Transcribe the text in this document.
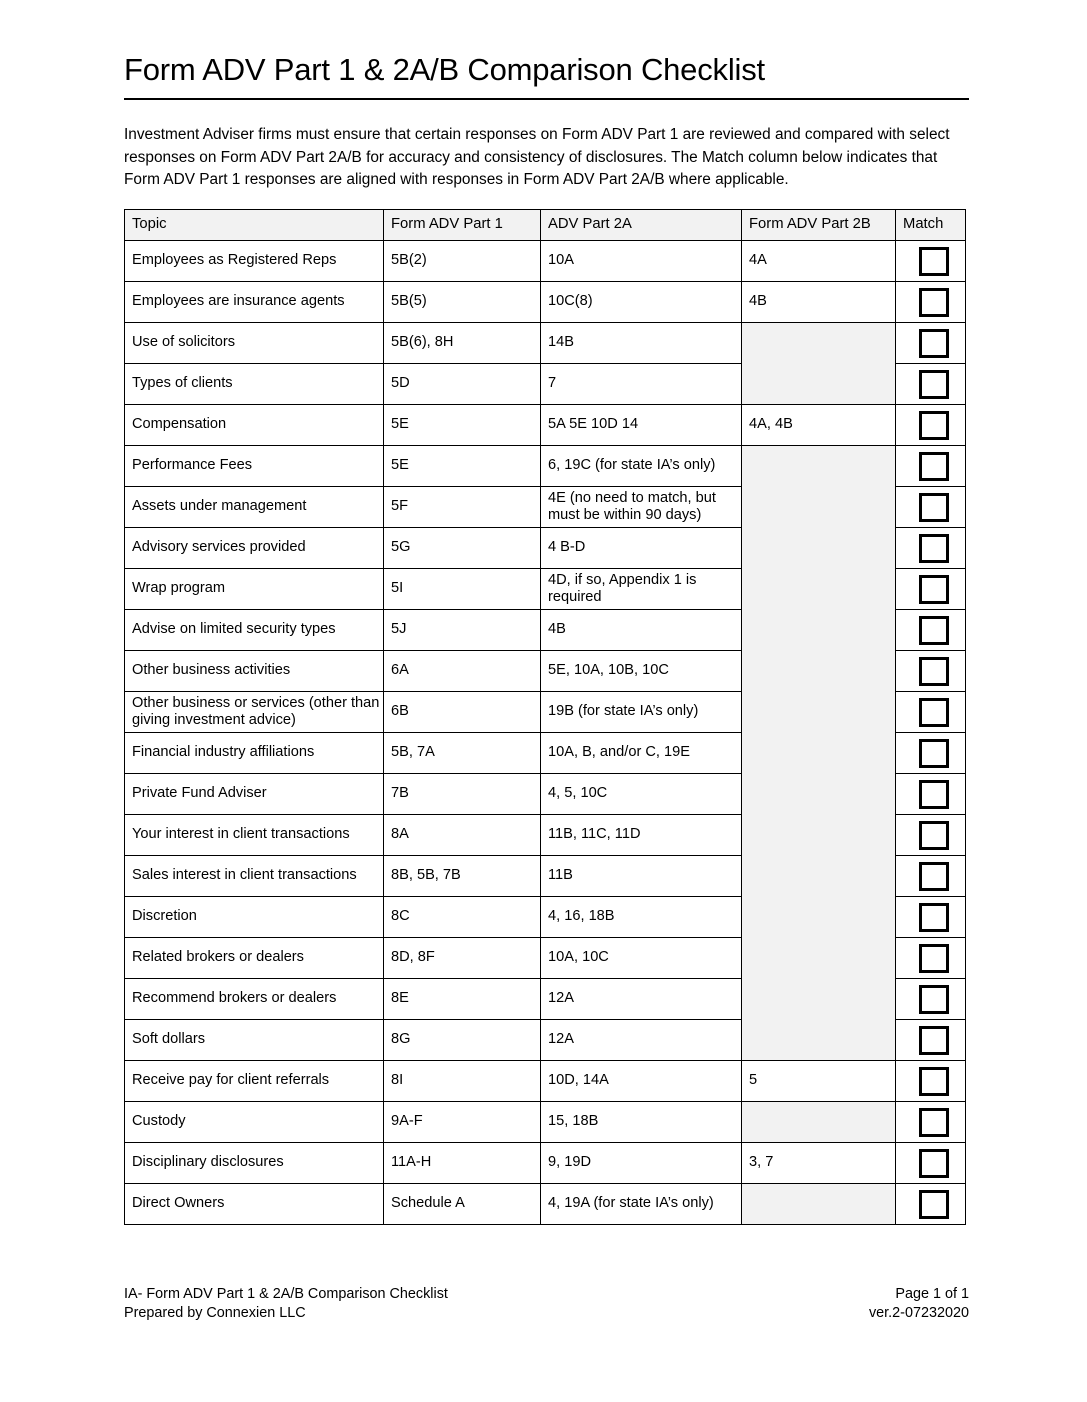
Form ADV Part 1 & 2A/B Comparison Checklist

Investment Adviser firms must ensure that certain responses on Form ADV Part 1 are reviewed and compared with select responses on Form ADV Part 2A/B for accuracy and consistency of disclosures. The Match column below indicates that Form ADV Part 1 responses are aligned with responses in Form ADV Part 2A/B where applicable.

Topic	Form ADV Part 1	ADV Part 2A	Form ADV Part 2B	Match
Employees as Registered Reps	5B(2)	10A	4A	

Employees are insurance agents	5B(5)	10C(8)	4B	

Use of solicitors	5B(6), 8H	14B		

Types of clients	5D	7		

Compensation	5E	5A 5E 10D 14	4A, 4B	

Performance Fees	5E	6, 19C (for state IA’s only)		

Assets under management	5F	4E (no need to match, but must be within 90 days)		

Advisory services provided	5G	4 B-D		

Wrap program	5I	4D, if so, Appendix 1 is required		

Advise on limited security types	5J	4B		

Other business activities	6A	5E, 10A, 10B, 10C		

Other business or services (other than giving investment advice)	6B	19B (for state IA’s only)		

Financial industry affiliations	5B, 7A	10A, B, and/or C, 19E		

Private Fund Adviser	7B	4, 5, 10C		

Your interest in client transactions	8A	11B, 11C, 11D		

Sales interest in client transactions	8B, 5B, 7B	11B		

Discretion	8C	4, 16, 18B		

Related brokers or dealers	8D, 8F	10A, 10C		

Recommend brokers or dealers	8E	12A		

Soft dollars	8G	12A		

Receive pay for client referrals	8I	10D, 14A	5	

Custody	9A-F	15, 18B		

Disciplinary disclosures	11A-H	9, 19D	3, 7	

Direct Owners	Schedule A	4, 19A (for state IA’s only)		
IA- Form ADV Part 1 & 2A/B Comparison Checklist
Prepared by Connexien LLC
Page 1 of 1
ver.2-07232020
